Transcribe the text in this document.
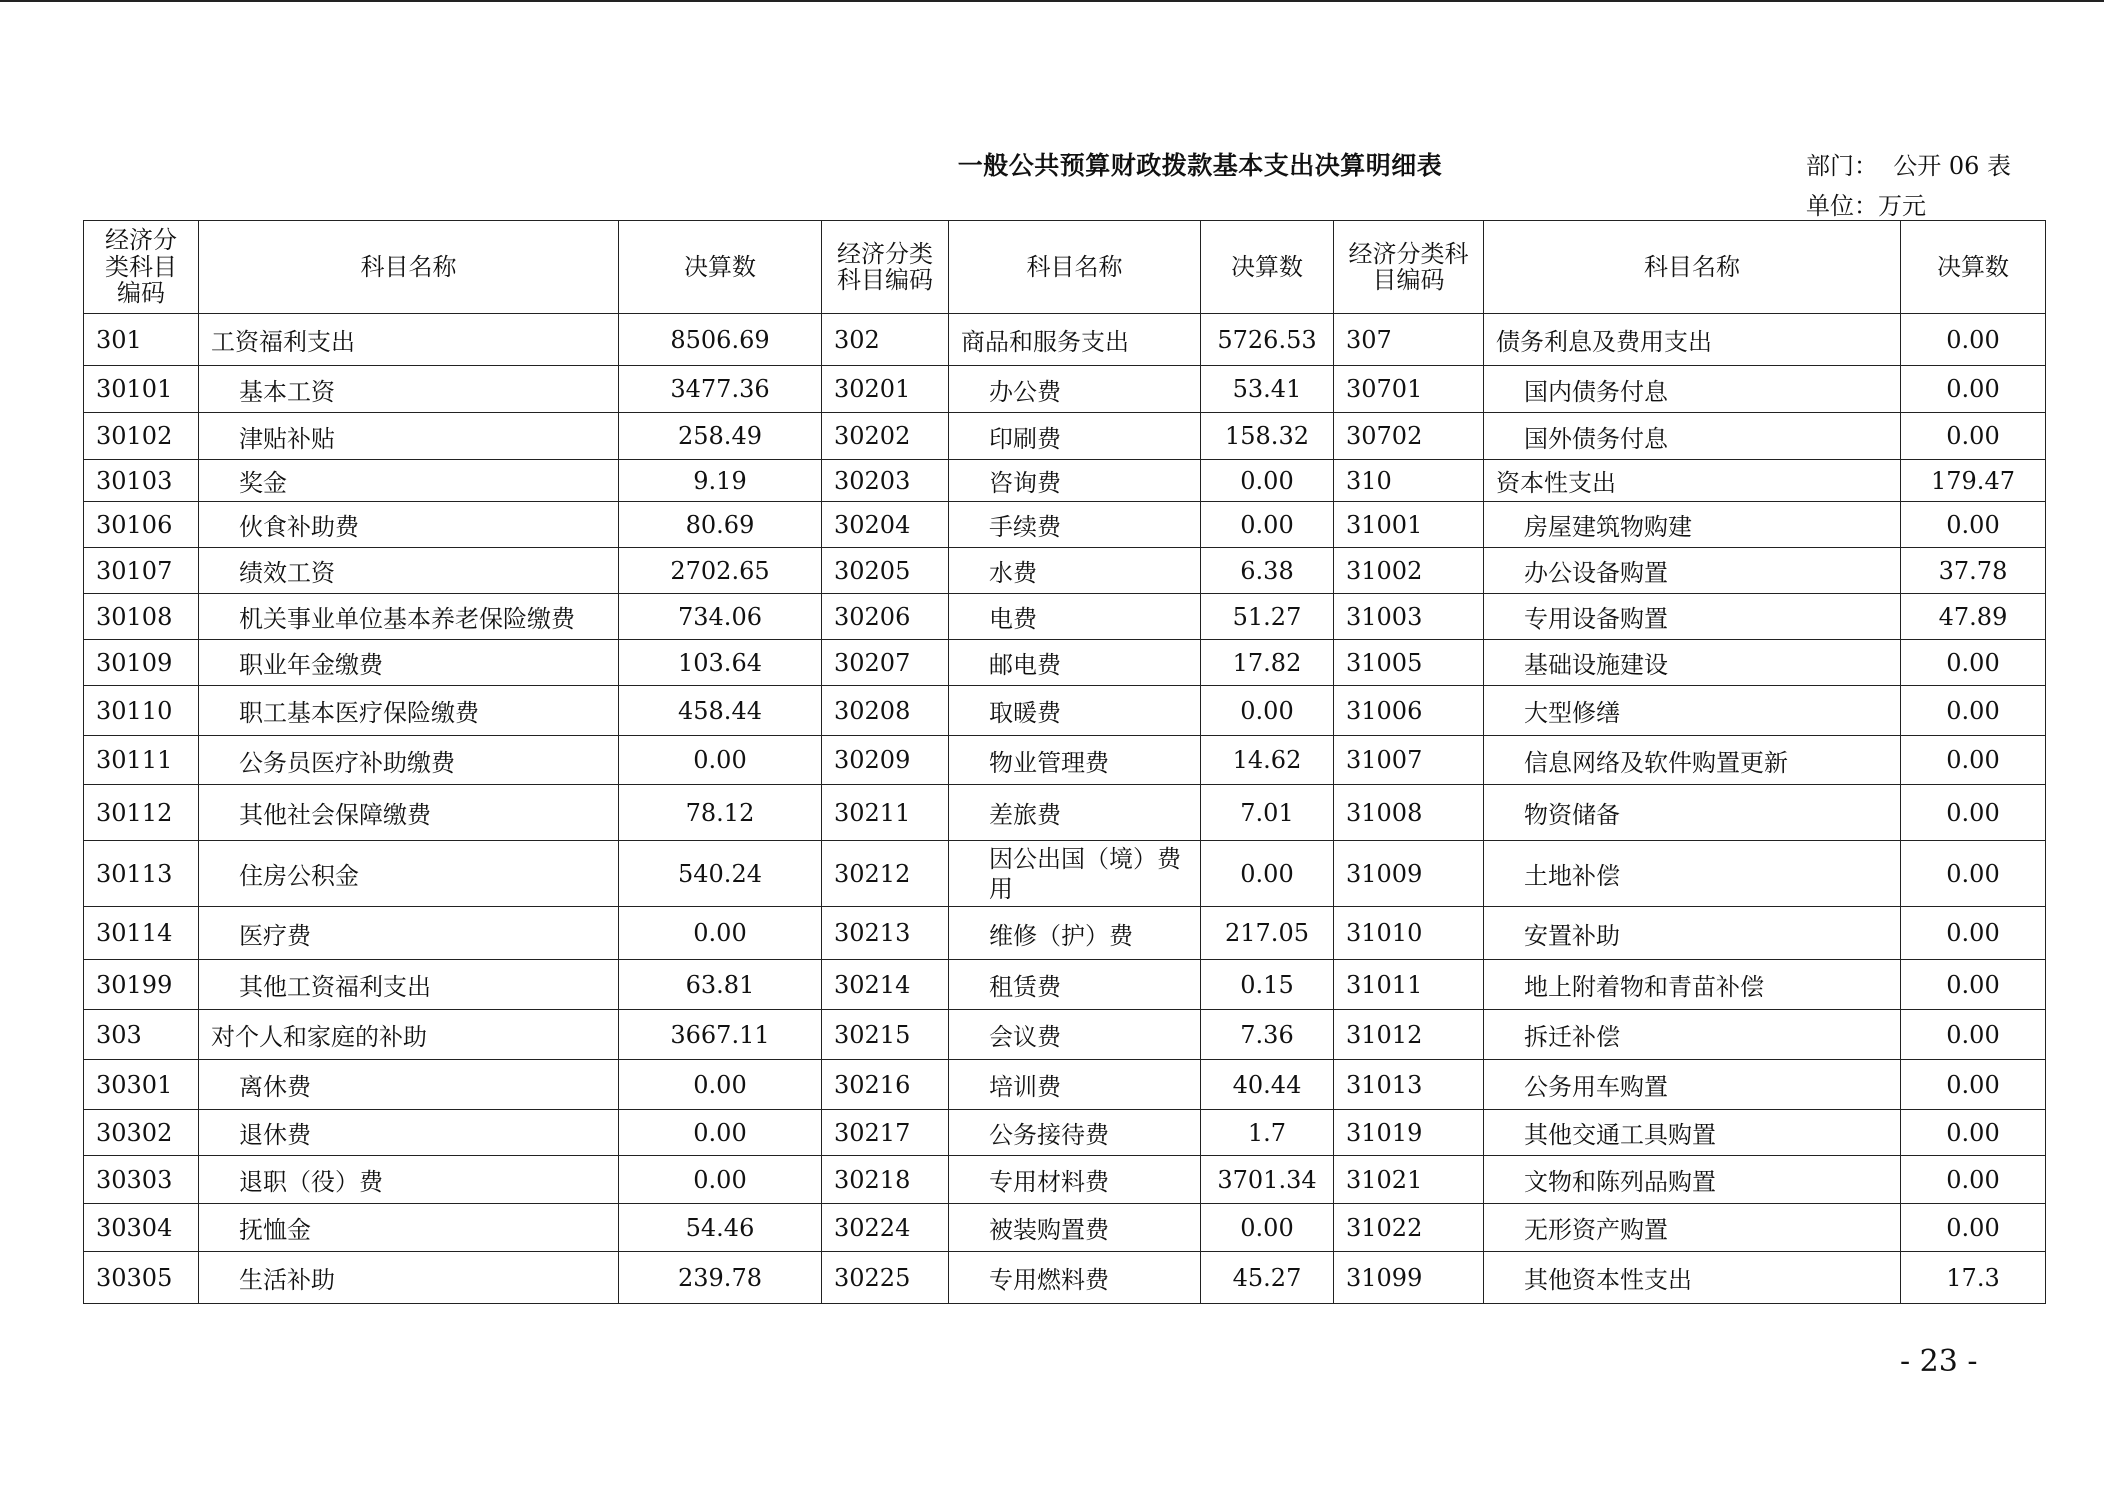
一般公共预算财政拨款基本支出决算明细表	部门： 公开 06 表
单位：万元
经济分类科目编码	科目名称	决算数	经济分类科目编码	科目名称	决算数	经济分类科目编码	科目名称	决算数
301	工资福利支出	8506.69	302	商品和服务支出	5726.53	307	债务利息及费用支出	0.00
30101	基本工资	3477.36	30201	办公费	53.41	30701	国内债务付息	0.00
30102	津贴补贴	258.49	30202	印刷费	158.32	30702	国外债务付息	0.00
30103	奖金	9.19	30203	咨询费	0.00	310	资本性支出	179.47
30106	伙食补助费	80.69	30204	手续费	0.00	31001	房屋建筑物购建	0.00
30107	绩效工资	2702.65	30205	水费	6.38	31002	办公设备购置	37.78
30108	机关事业单位基本养老保险缴费	734.06	30206	电费	51.27	31003	专用设备购置	47.89
30109	职业年金缴费	103.64	30207	邮电费	17.82	31005	基础设施建设	0.00
30110	职工基本医疗保险缴费	458.44	30208	取暖费	0.00	31006	大型修缮	0.00
30111	公务员医疗补助缴费	0.00	30209	物业管理费	14.62	31007	信息网络及软件购置更新	0.00
30112	其他社会保障缴费	78.12	30211	差旅费	7.01	31008	物资储备	0.00
30113	住房公积金	540.24	30212	因公出国（境）费用	0.00	31009	土地补偿	0.00
30114	医疗费	0.00	30213	维修（护）费	217.05	31010	安置补助	0.00
30199	其他工资福利支出	63.81	30214	租赁费	0.15	31011	地上附着物和青苗补偿	0.00
303	对个人和家庭的补助	3667.11	30215	会议费	7.36	31012	拆迁补偿	0.00
30301	离休费	0.00	30216	培训费	40.44	31013	公务用车购置	0.00
30302	退休费	0.00	30217	公务接待费	1.7	31019	其他交通工具购置	0.00
30303	退职（役）费	0.00	30218	专用材料费	3701.34	31021	文物和陈列品购置	0.00
30304	抚恤金	54.46	30224	被装购置费	0.00	31022	无形资产购置	0.00
30305	生活补助	239.78	30225	专用燃料费	45.27	31099	其他资本性支出	17.3
- 23 -
